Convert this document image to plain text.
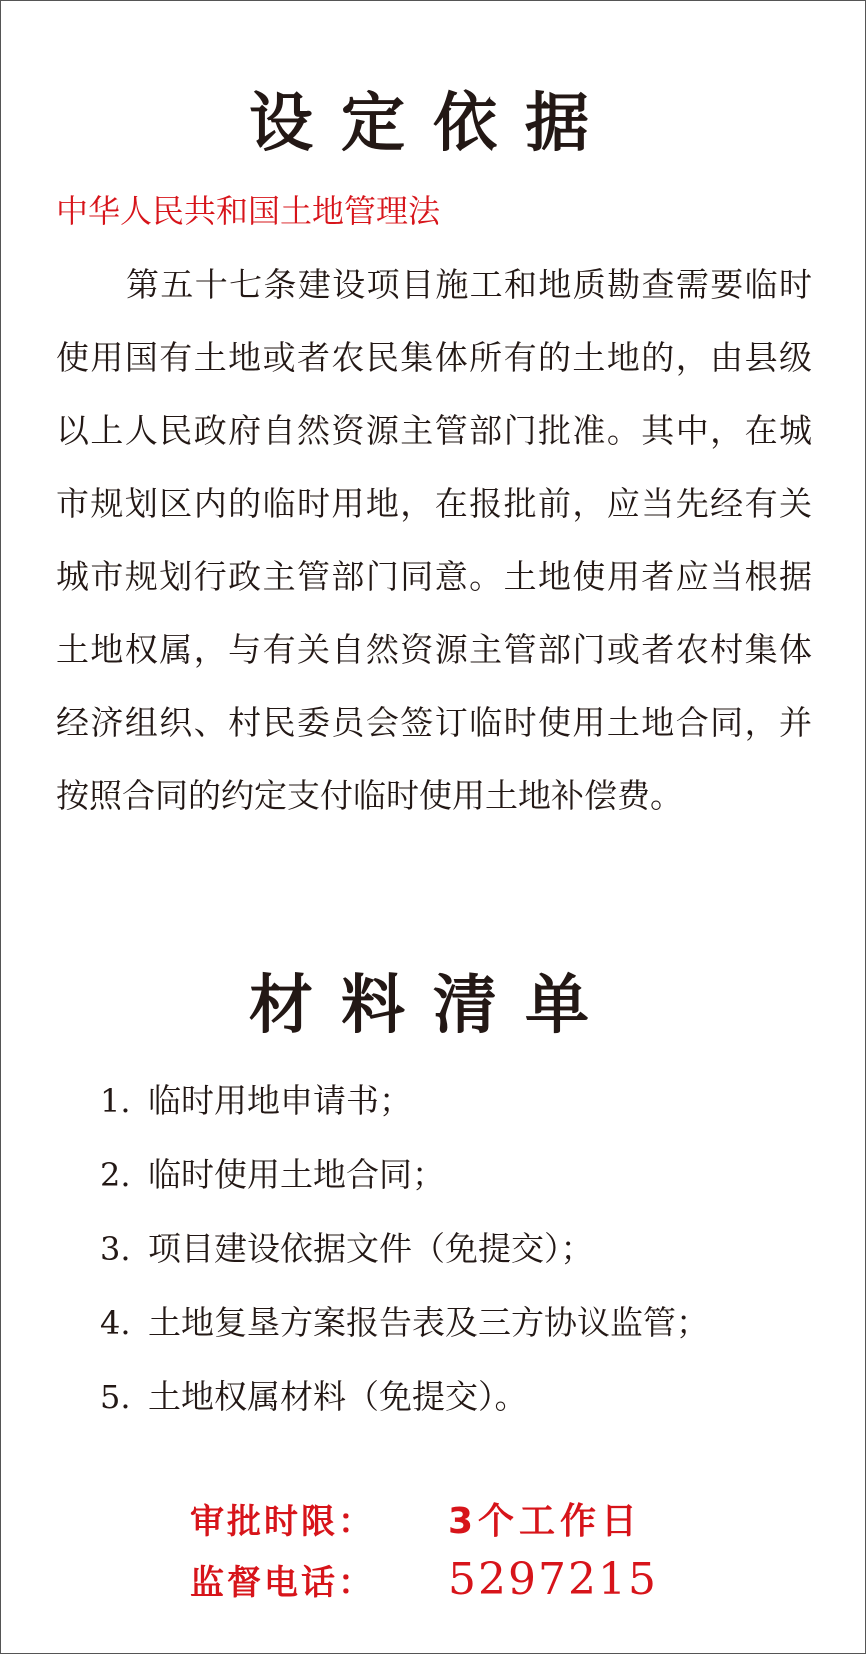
设定依据
中华人民共和国土地管理法

第五十七条建设项目施工和地质勘查需要临时使用国有土地或者农民集体所有的土地的，由县级以上人民政府自然资源主管部门批准。其中，在城市规划区内的临时用地，在报批前，应当先经有关城市规划行政主管部门同意。土地使用者应当根据土地权属，与有关自然资源主管部门或者农村集体经济组织、村民委员会签订临时使用土地合同，并按照合同的约定支付临时使用土地补偿费。

材料清单
1. 临时用地申请书；
2. 临时使用土地合同；
3. 项目建设依据文件（免提交）；
4. 土地复垦方案报告表及三方协议监管；
5. 土地权属材料（免提交）。
审批时限： 3个工作日
监督电话： 5297215
